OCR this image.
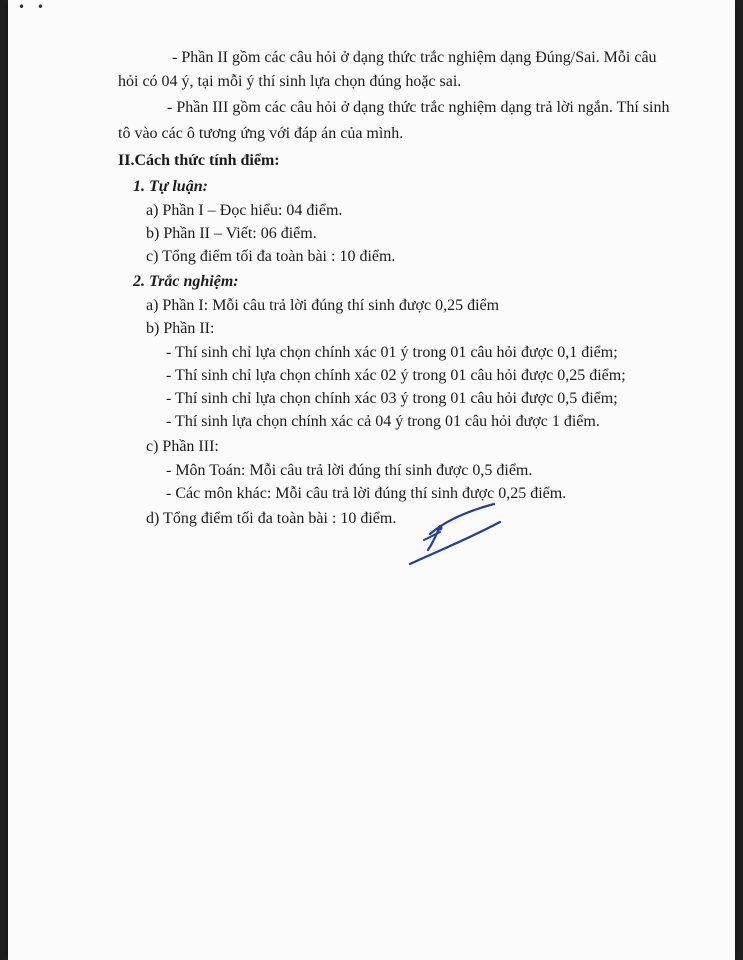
• •
- Phần II gồm các câu hỏi ở dạng thức trắc nghiệm dạng Đúng/Sai. Mỗi câu
hỏi có 04 ý, tại mỗi ý thí sinh lựa chọn đúng hoặc sai.
- Phần III gồm các câu hỏi ở dạng thức trắc nghiệm dạng trả lời ngắn. Thí sinh
tô vào các ô tương ứng với đáp án của mình.
II.Cách thức tính điểm:
1. Tự luận:
a) Phần I – Đọc hiểu: 04 điểm.
b) Phần II – Viết: 06 điểm.
c) Tổng điểm tối đa toàn bài : 10 điểm.
2. Trắc nghiệm:
a) Phần I: Mỗi câu trả lời đúng thí sinh được 0,25 điểm
b) Phần II:
- Thí sinh chỉ lựa chọn chính xác 01 ý trong 01 câu hỏi được 0,1 điểm;
- Thí sinh chỉ lựa chọn chính xác 02 ý trong 01 câu hỏi được 0,25 điểm;
- Thí sinh chỉ lựa chọn chính xác 03 ý trong 01 câu hỏi được 0,5 điểm;
- Thí sinh lựa chọn chính xác cả 04 ý trong 01 câu hỏi được 1 điểm.
c) Phần III:
- Môn Toán: Mỗi câu trả lời đúng thí sinh được 0,5 điểm.
- Các môn khác: Mỗi câu trả lời đúng thí sinh được 0,25 điểm.
d) Tổng điểm tối đa toàn bài : 10 điểm.
